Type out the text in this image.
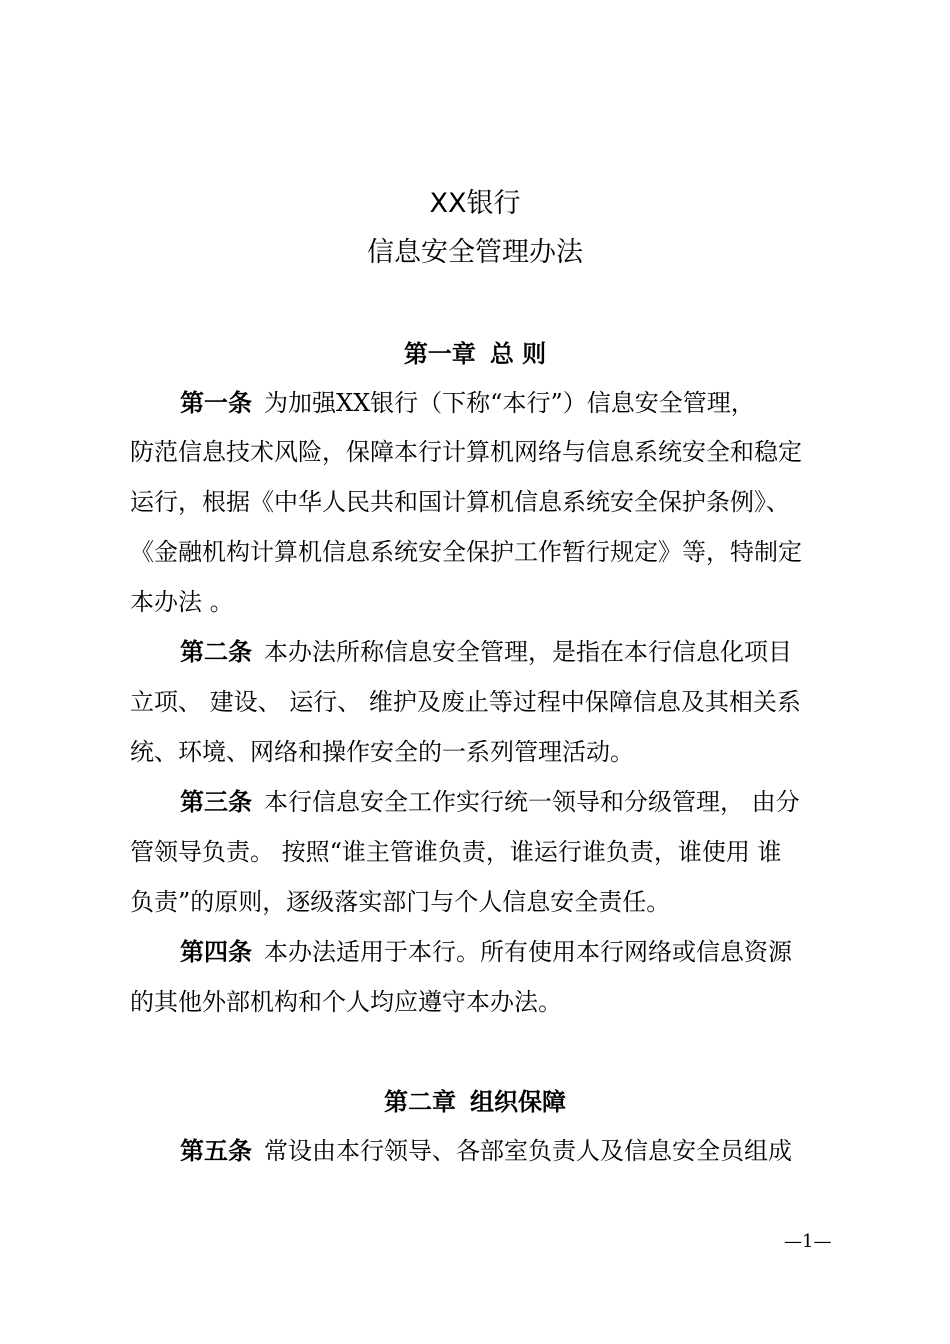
XX银行
信息安全管理办法
第一章 总 则

第一条 为加强XX银行（下称“本行”）信息安全管理，

防范信息技术风险，保障本行计算机网络与信息系统安全和稳定

运行，根据《中华人民共和国计算机信息系统安全保护条例》、

《金融机构计算机信息系统安全保护工作暂行规定》等，特制定

本办法 。

第二条 本办法所称信息安全管理，是指在本行信息化项目

立项、 建设、 运行、 维护及废止等过程中保障信息及其相关系

统、环境、网络和操作安全的一系列管理活动。

第三条 本行信息安全工作实行统一领导和分级管理， 由分

管领导负责。 按照“谁主管谁负责，谁运行谁负责，谁使用 谁

负责”的原则，逐级落实部门与个人信息安全责任。

第四条 本办法适用于本行。所有使用本行网络或信息资源

的其他外部机构和个人均应遵守本办法。

第二章 组织保障

第五条 常设由本行领导、各部室负责人及信息安全员组成

—1—
